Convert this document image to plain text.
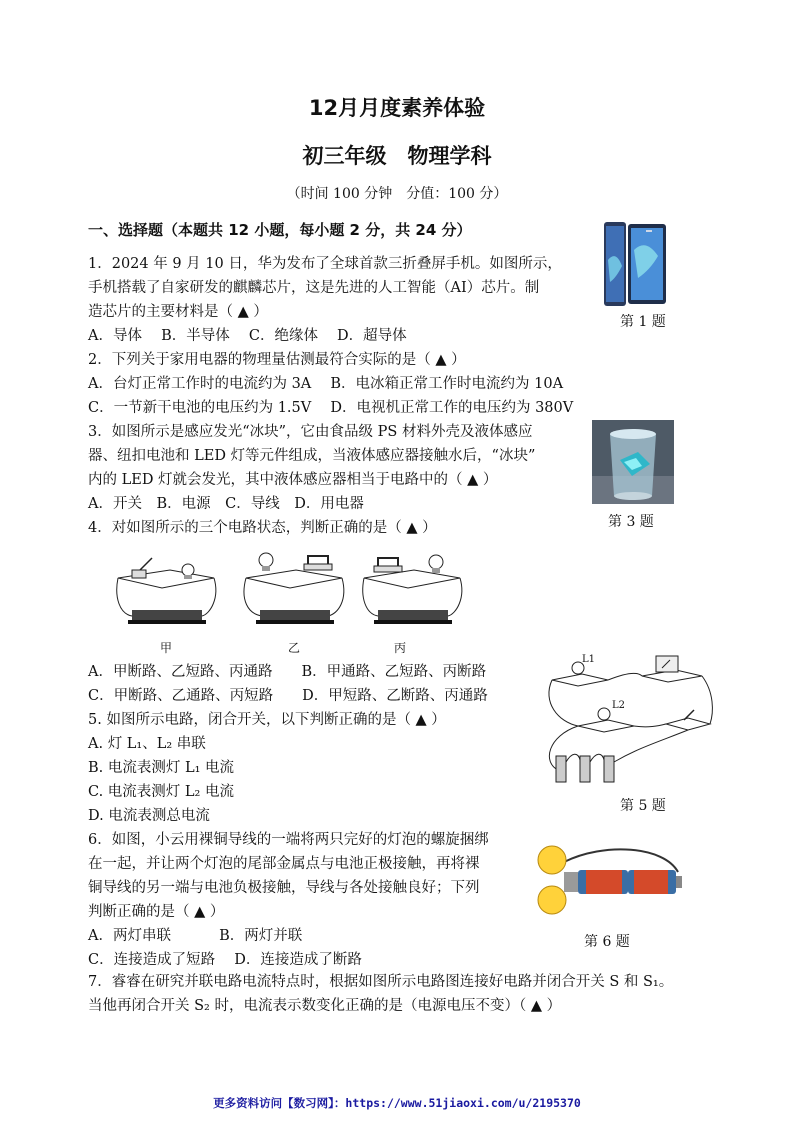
12月月度素养体验
初三年级　物理学科
（时间 100 分钟　分值：100 分）
一、选择题（本题共 12 小题，每小题 2 分，共 24 分）
1．2024 年 9 月 10 日，华为发布了全球首款三折叠屏手机。如图所示，
手机搭载了自家研发的麒麟芯片，这是先进的人工智能（AI）芯片。制
造芯片的主要材料是（ ▲ ）
A．导体　 B．半导体　 C．绝缘体　 D．超导体
第 1 题
2．下列关于家用电器的物理量估测最符合实际的是（ ▲ ）
A．台灯正常工作时的电流约为 3A　 B．电冰箱正常工作时电流约为 10A
C．一节新干电池的电压约为 1.5V　 D．电视机正常工作的电压约为 380V
3．如图所示是感应发光“冰块”，它由食品级 PS 材料外壳及液体感应
器、纽扣电池和 LED 灯等元件组成，当液体感应器接触水后，“冰块”
内的 LED 灯就会发光，其中液体感应器相当于电路中的（ ▲ ）
A．开关　B．电源　C．导线　D．用电器
第 3 题
4．对如图所示的三个电路状态，判断正确的是（ ▲ ）
甲	乙	丙
A．甲断路、乙短路、丙通路　　B．甲通路、乙短路、丙断路
C．甲断路、乙通路、丙短路　　D．甲短路、乙断路、丙通路
5. 如图所示电路，闭合开关，以下判断正确的是（ ▲ ）
A. 灯 L₁、L₂ 串联
B. 电流表测灯 L₁ 电流
C. 电流表测灯 L₂ 电流
D. 电流表测总电流
L1
L2
第 5 题
6．如图，小云用裸铜导线的一端将两只完好的灯泡的螺旋捆绑
在一起，并让两个灯泡的尾部金属点与电池正极接触，再将裸
铜导线的另一端与电池负极接触，导线与各处接触良好；下列
判断正确的是（ ▲ ）
A．两灯串联　　　 B．两灯并联
C．连接造成了短路　 D．连接造成了断路
第 6 题
7．睿睿在研究并联电路电流特点时，根据如图所示电路图连接好电路并闭合开关 S 和 S₁。
当他再闭合开关 S₂ 时，电流表示数变化正确的是（电源电压不变）（ ▲ ）
更多资料访问【数习网】：https://www.51jiaoxi.com/u/2195370
